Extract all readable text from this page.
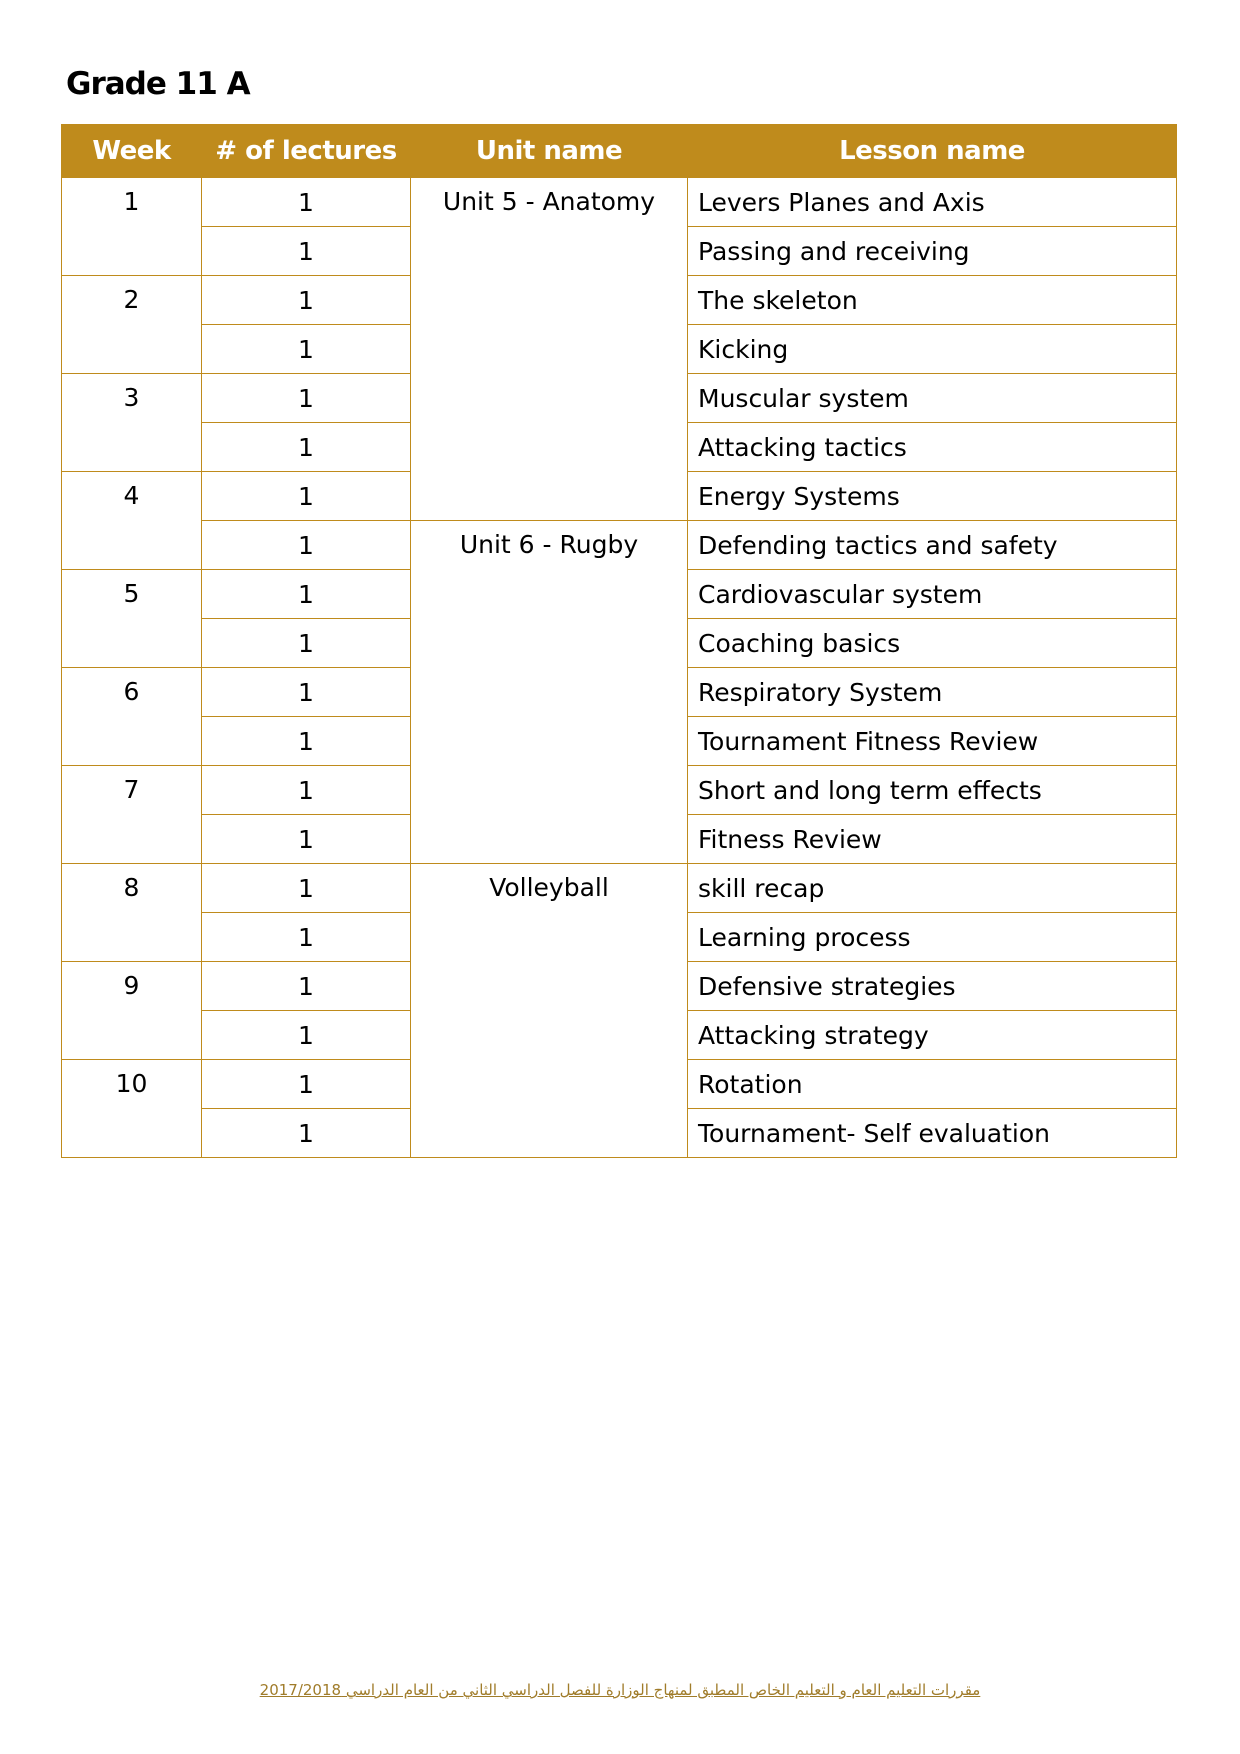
Grade 11 A
Week	# of lectures	Unit name	Lesson name
1	1	Unit 5 - Anatomy	Levers Planes and Axis
	1		Passing and receiving
2	1		The skeleton
	1		Kicking
3	1		Muscular system
	1		Attacking tactics
4	1		Energy Systems
	1	Unit 6 - Rugby	Defending tactics and safety
5	1		Cardiovascular system
	1		Coaching basics
6	1		Respiratory System
	1		Tournament Fitness Review
7	1		Short and long term effects
	1		Fitness Review
8	1	Volleyball	skill recap
	1		Learning process
9	1		Defensive strategies
	1		Attacking strategy
10	1		Rotation
	1		Tournament- Self evaluation
مقررات التعليم العام و التعليم الخاص المطبق لمنهاج الوزارة للفصل الدراسي الثاني من العام الدراسي 2017/2018
